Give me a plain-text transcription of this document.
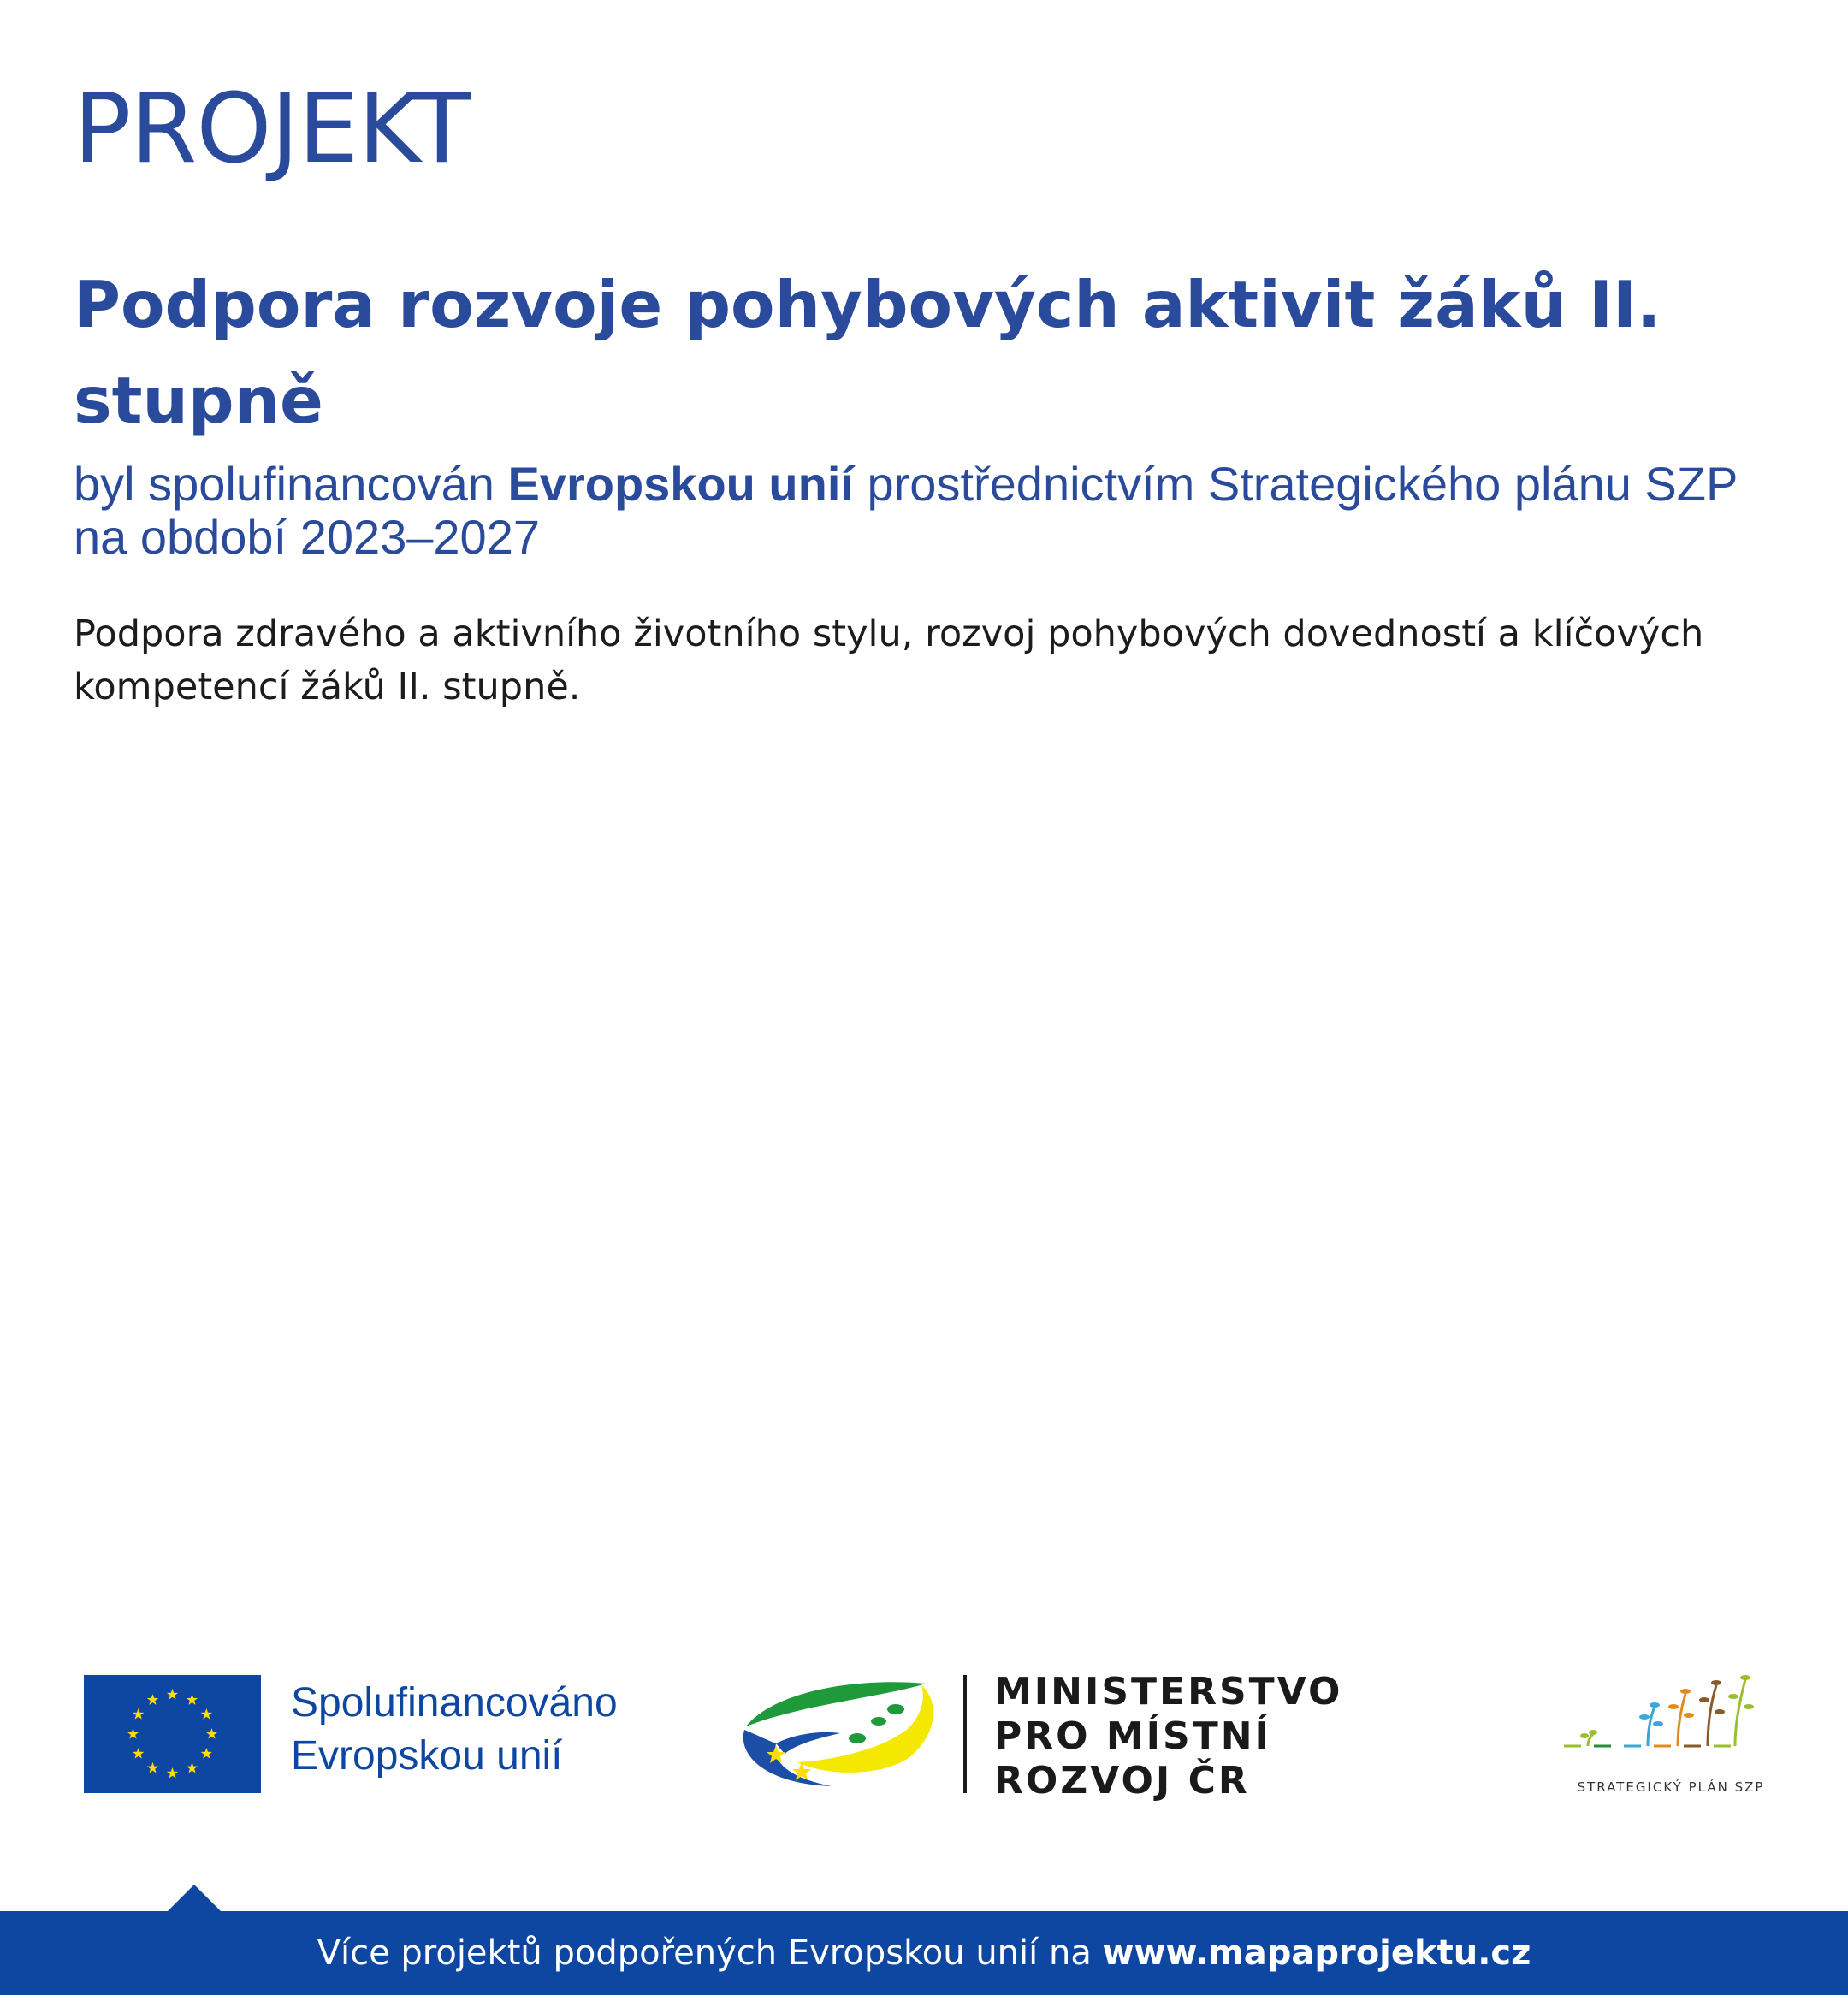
PROJEKT
Podpora rozvoje pohybových aktivit žáků II. stupně
byl spolufinancován Evropskou unií prostřednictvím Strategického plánu SZP na období 2023–2027
Podpora zdravého a aktivního životního stylu, rozvoj pohybových dovedností a klíčových kompetencí žáků II. stupně.
Spolufinancováno
Evropskou unií
MINISTERSTVO
PRO MÍSTNÍ
ROZVOJ ČR	STRATEGICKÝ PLÁN SZP
Více projektů podpořených Evropskou unií na www.mapaprojektu.cz
